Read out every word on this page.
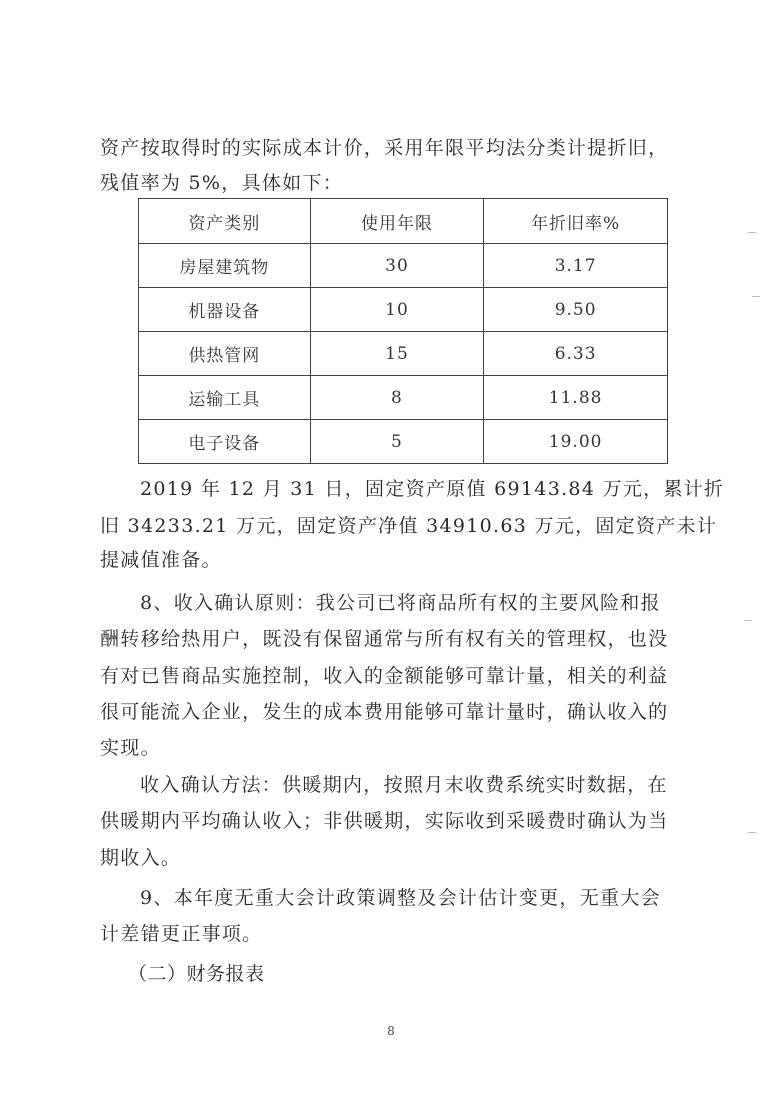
资产按取得时的实际成本计价，采用年限平均法分类计提折旧，
残值率为 5%，具体如下：
资产类别	使用年限	年折旧率%
房屋建筑物	30	3.17
机器设备	10	9.50
供热管网	15	6.33
运输工具	8	11.88
电子设备	5	19.00
2019 年 12 月 31 日，固定资产原值 69143.84 万元，累计折
旧 34233.21 万元，固定资产净值 34910.63 万元，固定资产未计
提减值准备。
8、收入确认原则：我公司已将商品所有权的主要风险和报
酬转移给热用户，既没有保留通常与所有权有关的管理权，也没
有对已售商品实施控制，收入的金额能够可靠计量，相关的利益
很可能流入企业，发生的成本费用能够可靠计量时，确认收入的
实现。
收入确认方法：供暖期内，按照月末收费系统实时数据，在
供暖期内平均确认收入；非供暖期，实际收到采暖费时确认为当
期收入。
9、本年度无重大会计政策调整及会计估计变更，无重大会
计差错更正事项。
（二）财务报表
8
